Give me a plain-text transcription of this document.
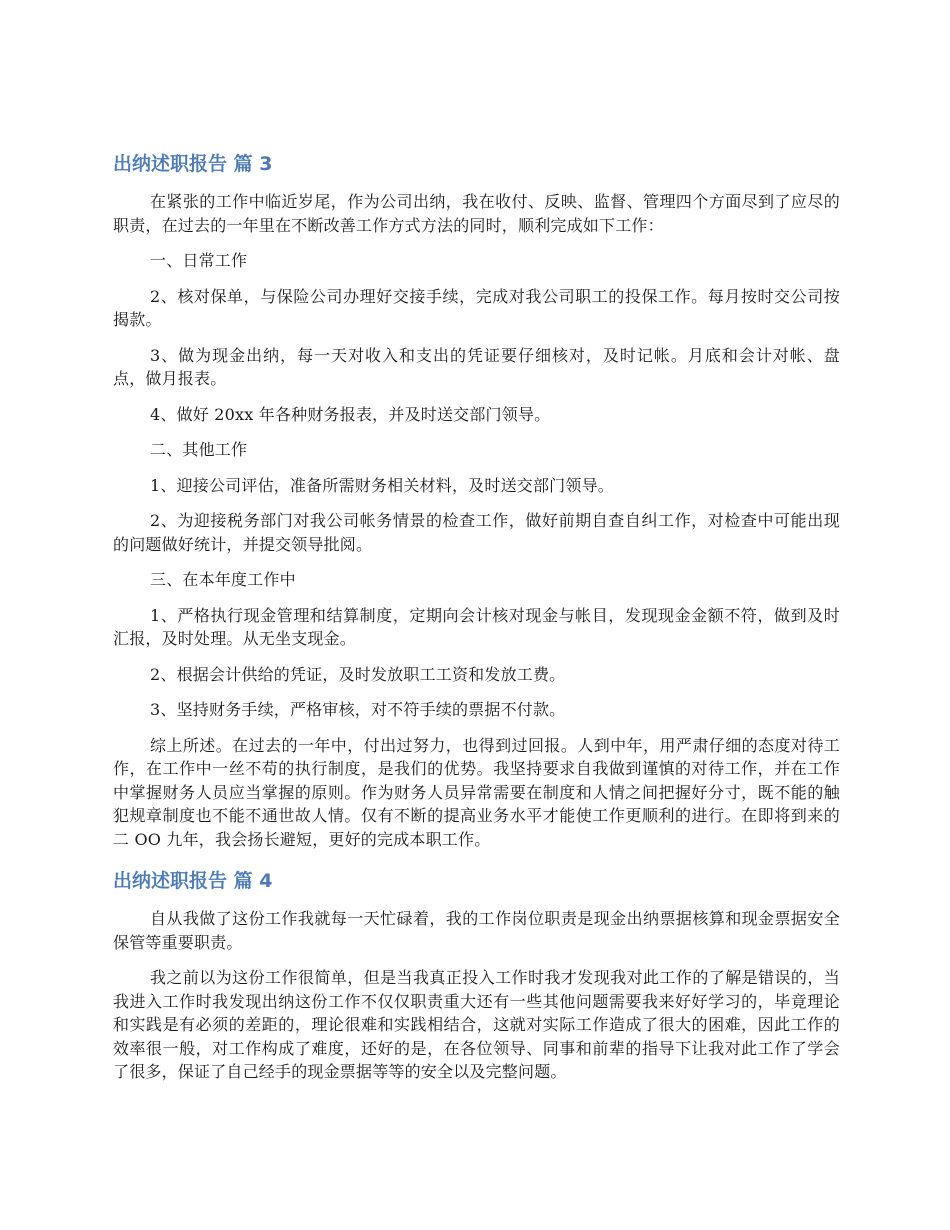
出纳述职报告 篇 3

在紧张的工作中临近岁尾，作为公司出纳，我在收付、反映、监督、管理四个方面尽到了应尽的职责，在过去的一年里在不断改善工作方式方法的同时，顺利完成如下工作：

一、日常工作

2、核对保单，与保险公司办理好交接手续，完成对我公司职工的投保工作。每月按时交公司按揭款。

3、做为现金出纳，每一天对收入和支出的凭证要仔细核对，及时记帐。月底和会计对帐、盘点，做月报表。

4、做好 20xx 年各种财务报表，并及时送交部门领导。

二、其他工作

1、迎接公司评估，准备所需财务相关材料，及时送交部门领导。

2、为迎接税务部门对我公司帐务情景的检查工作，做好前期自查自纠工作，对检查中可能出现的问题做好统计，并提交领导批阅。

三、在本年度工作中

1、严格执行现金管理和结算制度，定期向会计核对现金与帐目，发现现金金额不符，做到及时汇报，及时处理。从无坐支现金。

2、根据会计供给的凭证，及时发放职工工资和发放工费。

3、坚持财务手续，严格审核，对不符手续的票据不付款。

综上所述。在过去的一年中，付出过努力，也得到过回报。人到中年，用严肃仔细的态度对待工作，在工作中一丝不苟的执行制度，是我们的优势。我坚持要求自我做到谨慎的对待工作，并在工作中掌握财务人员应当掌握的原则。作为财务人员异常需要在制度和人情之间把握好分寸，既不能的触犯规章制度也不能不通世故人情。仅有不断的提高业务水平才能使工作更顺利的进行。在即将到来的二 OO 九年，我会扬长避短，更好的完成本职工作。

出纳述职报告 篇 4

自从我做了这份工作我就每一天忙碌着，我的工作岗位职责是现金出纳票据核算和现金票据安全保管等重要职责。

我之前以为这份工作很简单，但是当我真正投入工作时我才发现我对此工作的了解是错误的，当我进入工作时我发现出纳这份工作不仅仅职责重大还有一些其他问题需要我来好好学习的，毕竟理论和实践是有必须的差距的，理论很难和实践相结合，这就对实际工作造成了很大的困难，因此工作的效率很一般，对工作构成了难度，还好的是，在各位领导、同事和前辈的指导下让我对此工作了学会了很多，保证了自己经手的现金票据等等的安全以及完整问题。
